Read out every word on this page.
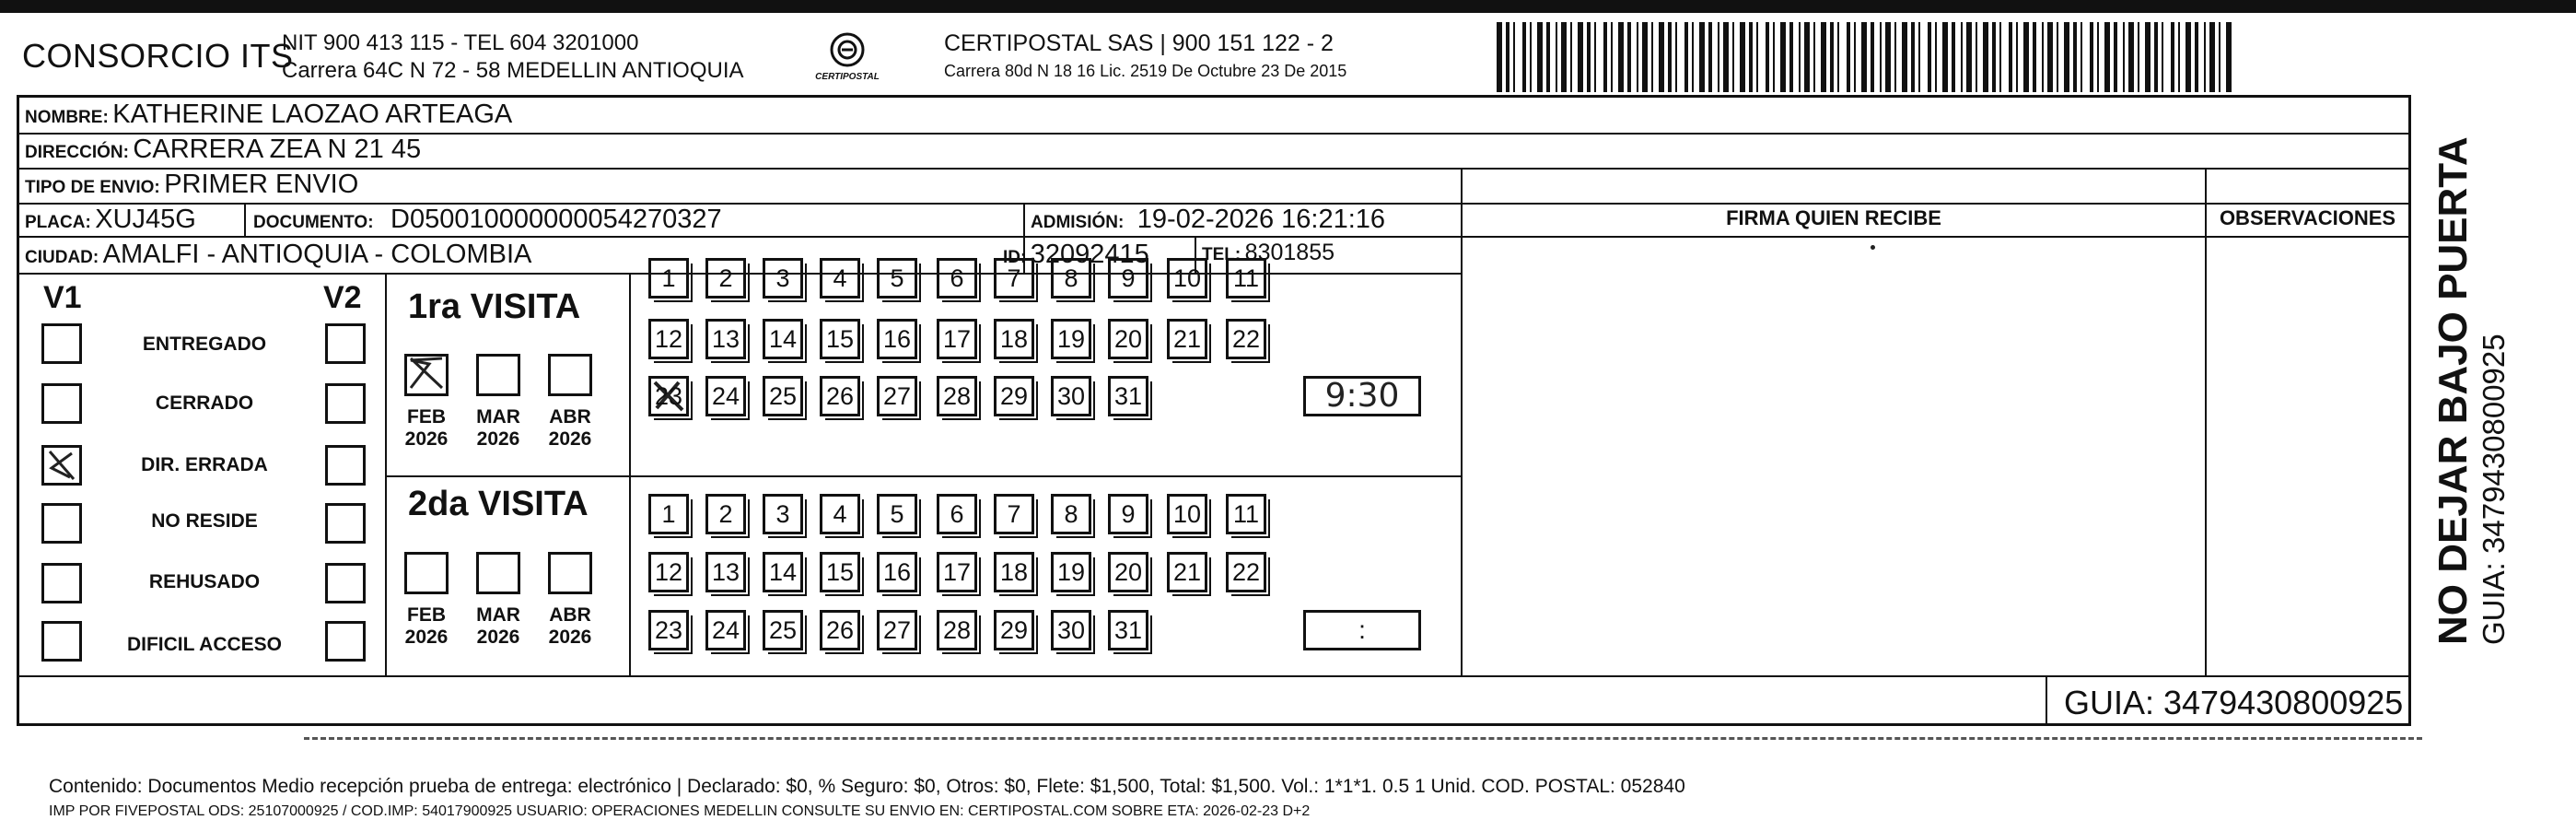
CONSORCIO ITS
NIT 900 413 115 - TEL 604 3201000
Carrera 64C N 72 - 58 MEDELLIN ANTIOQUIA	CERTIPOSTAL
CERTIPOSTAL SAS | 900 151 122 - 2
Carrera 80d N 18 16 Lic. 2519 De Octubre 23 De 2015
NOMBRE: KATHERINE LAOZAO ARTEAGA
DIRECCIÓN: CARRERA ZEA N 21 45
TIPO DE ENVIO: PRIMER ENVIO
PLACA: XUJ45G	DOCUMENTO: D050010000000054270327	ADMISIÓN: 19-02-2026 16:21:16
CIUDAD: AMALFI - ANTIOQUIA - COLOMBIA	ID: 32092415	TEL: 8301855
FIRMA QUIEN RECIBE	OBSERVACIONES
V1	V2
ENTREGADO
CERRADO
DIR. ERRADA
NO RESIDE
REHUSADO
DIFICIL ACCESO
1ra VISITA
FEB
2026
MAR
2026
ABR
2026
2da VISITA
FEB
2026
MAR
2026
ABR
2026
1	2	3	4	5	6	7	8	9	10 11
12 13 14 15 16 17 18 19 20 21 22
23 24 25 26 27 28 29 30 31	9:30
1	2	3	4	5	6	7	8	9	10 11
12 13 14 15 16 17 18 19 20 21 22
23 24 25 26 27 28 29 30 31	:
Contenido: Documentos Medio recepción prueba de entrega: electrónico | Declarado: $0, % Seguro: $0, Otros: $0, Flete: $1,500, Total: $1,500. Vol.: 1*1*1. 0.5 1 Unid. COD. POSTAL: 052840
IMP POR FIVEPOSTAL ODS: 25107000925 / COD.IMP: 54017900925 USUARIO: OPERACIONES MEDELLIN CONSULTE SU ENVIO EN: CERTIPOSTAL.COM SOBRE ETA: 2026-02-23 D+2
GUIA: 3479430800925
NO DEJAR BAJO PUERTA GUIA: 3479430800925
